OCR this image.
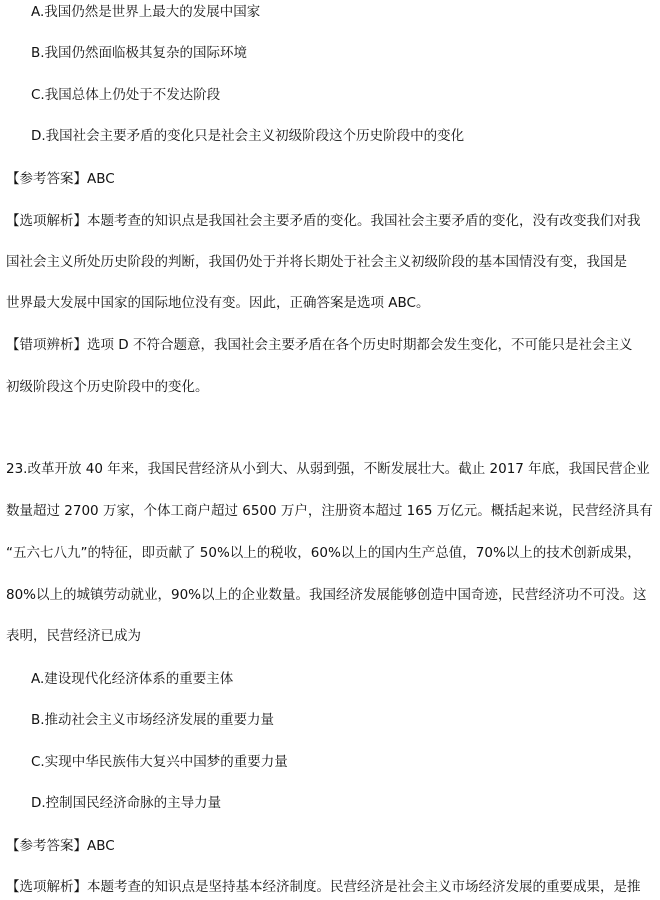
A.我国仍然是世界上最大的发展中国家
B.我国仍然面临极其复杂的国际环境
C.我国总体上仍处于不发达阶段
D.我国社会主要矛盾的变化只是社会主义初级阶段这个历史阶段中的变化
【参考答案】ABC
【选项解析】本题考查的知识点是我国社会主要矛盾的变化。我国社会主要矛盾的变化，没有改变我们对我
国社会主义所处历史阶段的判断，我国仍处于并将长期处于社会主义初级阶段的基本国情没有变，我国是
世界最大发展中国家的国际地位没有变。因此，正确答案是选项 ABC。
【错项辨析】选项 D 不符合题意，我国社会主要矛盾在各个历史时期都会发生变化，不可能只是社会主义
初级阶段这个历史阶段中的变化。
23.改革开放 40 年来，我国民营经济从小到大、从弱到强，不断发展壮大。截止 2017 年底，我国民营企业
数量超过 2700 万家，个体工商户超过 6500 万户，注册资本超过 165 万亿元。概括起来说，民营经济具有
“五六七八九”的特征，即贡献了 50%以上的税收，60%以上的国内生产总值，70%以上的技术创新成果，
80%以上的城镇劳动就业，90%以上的企业数量。我国经济发展能够创造中国奇迹，民营经济功不可没。这
表明，民营经济已成为
A.建设现代化经济体系的重要主体
B.推动社会主义市场经济发展的重要力量
C.实现中华民族伟大复兴中国梦的重要力量
D.控制国民经济命脉的主导力量
【参考答案】ABC
【选项解析】本题考查的知识点是坚持基本经济制度。民营经济是社会主义市场经济发展的重要成果，是推
